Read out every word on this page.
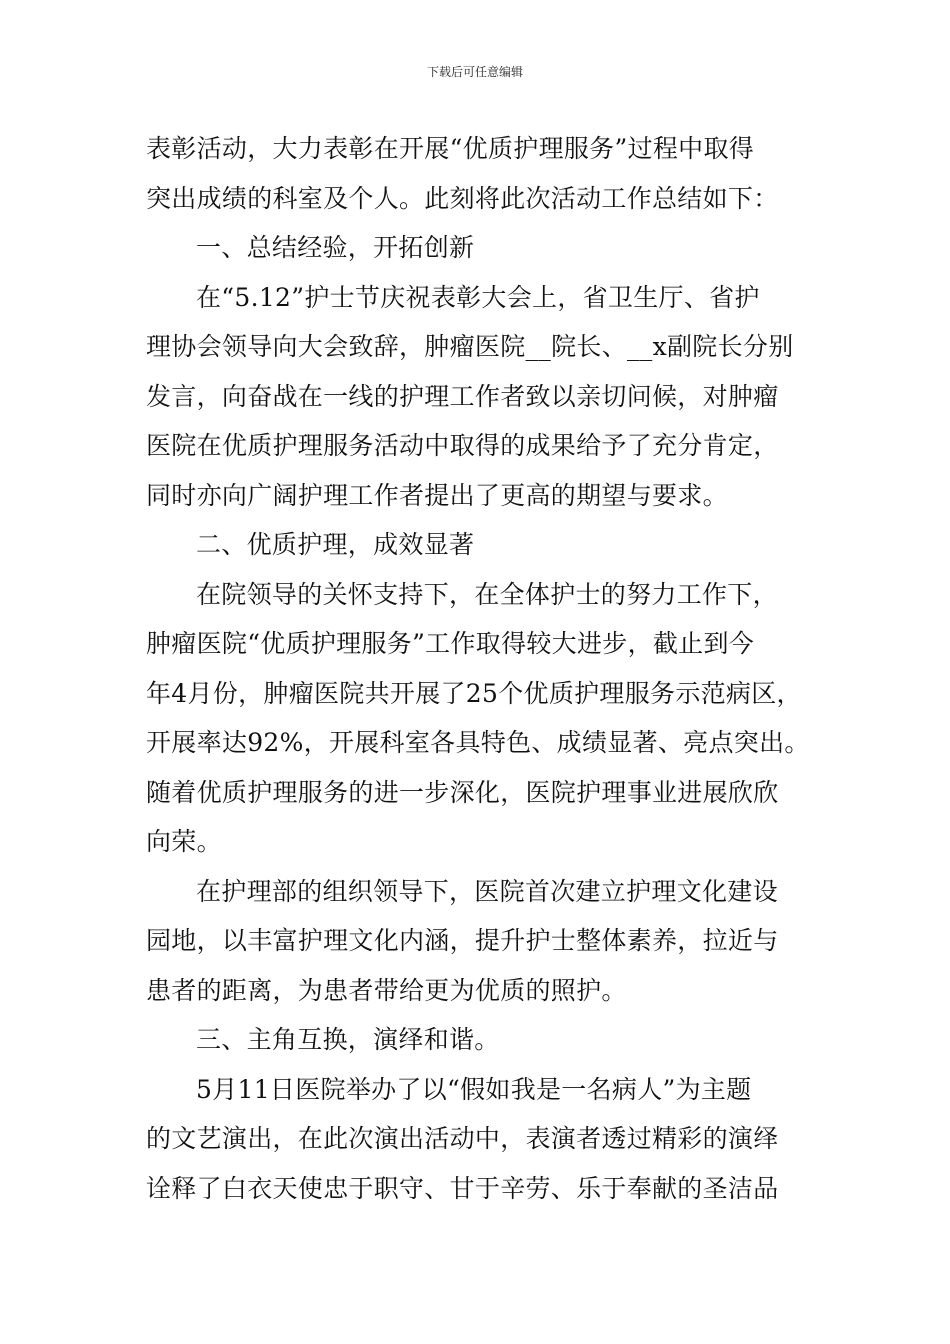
下载后可任意编辑
表彰活动，大力表彰在开展“优质护理服务”过程中取得
突出成绩的科室及个人。此刻将此次活动工作总结如下：
一、总结经验，开拓创新
在“5.12”护士节庆祝表彰大会上，省卫生厅、省护
理协会领导向大会致辞，肿瘤医院__院长、__x副院长分别
发言，向奋战在一线的护理工作者致以亲切问候，对肿瘤
医院在优质护理服务活动中取得的成果给予了充分肯定，
同时亦向广阔护理工作者提出了更高的期望与要求。
二、优质护理，成效显著
在院领导的关怀支持下，在全体护士的努力工作下，
肿瘤医院“优质护理服务”工作取得较大进步，截止到今
年4月份，肿瘤医院共开展了25个优质护理服务示范病区，
开展率达92%，开展科室各具特色、成绩显著、亮点突出。
随着优质护理服务的进一步深化，医院护理事业进展欣欣
向荣。
在护理部的组织领导下，医院首次建立护理文化建设
园地，以丰富护理文化内涵，提升护士整体素养，拉近与
患者的距离，为患者带给更为优质的照护。
三、主角互换，演绎和谐。
5月11日医院举办了以“假如我是一名病人”为主题
的文艺演出，在此次演出活动中，表演者透过精彩的演绎
诠释了白衣天使忠于职守、甘于辛劳、乐于奉献的圣洁品
